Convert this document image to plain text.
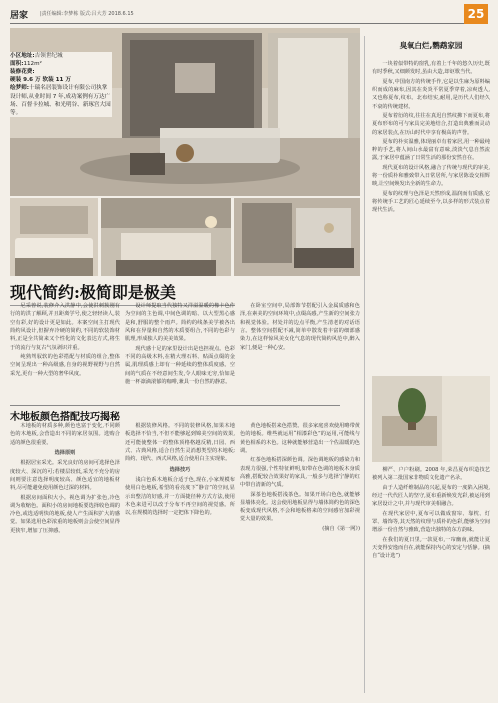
居家 |责任编辑:李梦栋 版式:吕大芳 2018.6.15	25
小区地址:吉领世纪城
面积:112m²
装修花费:
硬装 9.6 万 软装 11 万
绘梦师:十瑞名居装饰设计有限公司执掌设计师,从业时间 7 年,成功案例有万达广场、百督卡拉城、和光明谷、新琢宫大园等。
现代简约:极简即是极美

尼采曾说,装修介入洪静中,会使洪刺簇刚有行的的洪了解顾,并且距离学号,使之轻轻读人,装空有彩,好的设计更是如此。本案空间主打现代简约风设计,但摒弃冷硬的简约,不同的软装饰材料,正是全共简来又个性化的文化表达方式,将生于的流行与复古气氛剥识并重。

纯熟驾驭软的色彩搭配与材质的组合,整体空间呈现出一种高级感,自身的视野视野与自然采光,更有一种大型的奢华风度。

设计师提取当代独特又洋溢温暖的橡卡色作为空间的主色调,中间色调的暗、以大型黑心感是和,舒服的整个雨声。简约的线条美学被各出风和在异量和自然的木质要组合,不同的色彩与肌理,形成独人的美美效果。

现代感十足的家里设计出是也担视点。色彩不同的高级木料,在精大理石料、贴面点缀的金属,肌理质感上却有一种延续的整体质度感。空间的气质在不经意间生发,令人眼味无穷,恰如是施一杯凛滴滚郁的咖啡,兼具一份自然的静意。

在卧室空间中,局部饰节搭配引入金属质感和色泽,在素美的空间环境中,点缀高感,产生新的空间张力和视觉体验。材处并的边点平衡,产生清老的对话语言。整体空间搭配不减,简单中散发着丰富的细部感染力,在这样惊风美女化气息的现代简约风范中,醉入家门,便是一种心安。

木地板颜色搭配技巧揭秘

木地板的材质多种,颜色也富于变化,不同颜色的木地板,会营造出不同的家居氛围。选购合适的颜色很重要。

选择原则

根据居室采光。采光良好的房间可选择色泽度较大、深沉的可;若楼层较低,采光不充分的房间则要注意选择明度较高、颜色适宜的地板材料,尽可能避免使用颜色过深的材料。

根据房间面积大小。视色调为扩张色,冷色调为收缩色。面积小的房间地板要选择收色调的冷色,或选适明快的地板,使人产生面积扩大的感觉。如果选用色彩浓重的地板则会会使空间显得更狭窄,增加了压抑感。

根据装修风格。不同的装修风格,如果木地板选择不恰当,不但不能够起到锦美空间的效果,还可能使整体一的整体顶格格越反精,日园、西式、古典风格,适合自然生灵消想类型的木地板;简约、现代、西式风格,适合使用白主实现象。

选择技巧

浅白色系木地板合适于色,现在,小家规模布使用白色地板,希望的看亮度下“静音”的空间,显示出整洁的好感,并一方面捷径种方式方法,使用木色来进可以改于分布不再空间的视觉感。所以,在规模的选择时一定把体下降色的。

黄色地板搭来色搭赞。很多家庭喜欢使用略带黄色的地板。维些就运用“相漆彩色”的运用,可能线与黄色相系的木色。这种就能够营造出一个佐温暖的色调。

红茶色地板搭深颜色调。深色调地板的感染力和表现力很强,个性特征鲜明,如带在色调的地板木身质高雅,搭配较合效果好的家具,一般多与选择宁静的红中带自清新的气质。

深茶色地板搭浅茶色。如果开场白色色,就能够显墙体亮化。这会使用地板显得与墙体简约色的深色板变成现代风格,不会和地板格来的空间感官加彩视觉大量的效果。

(摘自《第一网》)

臭氧白烂,鹦鹉家园

一块着似带特的窗乳,有着上千年的悠久历史,既有时季秋,又细颜发时,虽由大造,却讴歌当代。

夏布,中国南方的传统手作,它是以生麻为原料编织而成的麻布,因其在炎炎平常夏季穿着,凉爽透人,又也称夏布,纹布。北布结实,耐用,是历代人们经久不衰的传统建材。

夏布着衍的纹,往往在真迟自然纹拂下而夏布,将夏布形布的可与家具完美地结合,打造出典雅而灵动的家居装点,在历山时代中享有极高的声誉。

夏布的朴实温雅,体现丽卓有着家居,用一种最纯粹的手艺,将人间山水最富有意味,淡淡气息自然流露,于家居中蕴涵了日常生活的那份安然自在。

现代夏布的设计风格,融合了传统与现代的审美,将一份质朴和雅致带入日常居所,与家居陈设交相辉映,让空间焕发出全新的生命力。

夏布的纹理与色泽是天然形成,温润而有质感,它将传统手工艺的匠心延续至今,以多样的形式装点着现代生活。

柳严、户户粉刷。2008 年,荣昌夏布织造技艺被列入第二批国家非物质文化遗产名录。

由于人造纤维制品的兴起,夏布的一度陷入困境,经过一代代匠人的坚守,夏布重新焕发光彩,被运用到家居设计之中,并与现代审美相融合。

在现代家居中,夏布可以做成窗帘、靠枕、灯罩、墙饰等,其天然的纹理与质朴的色彩,能够为空间增添一份自然与雅致,营造出独特的东方韵味。

在我们的夏日里,一款夏布,一帘幽南,就能让夏天变得安逸而自在,就能保持内心的安定与恬静。(摘自“设计选”)
